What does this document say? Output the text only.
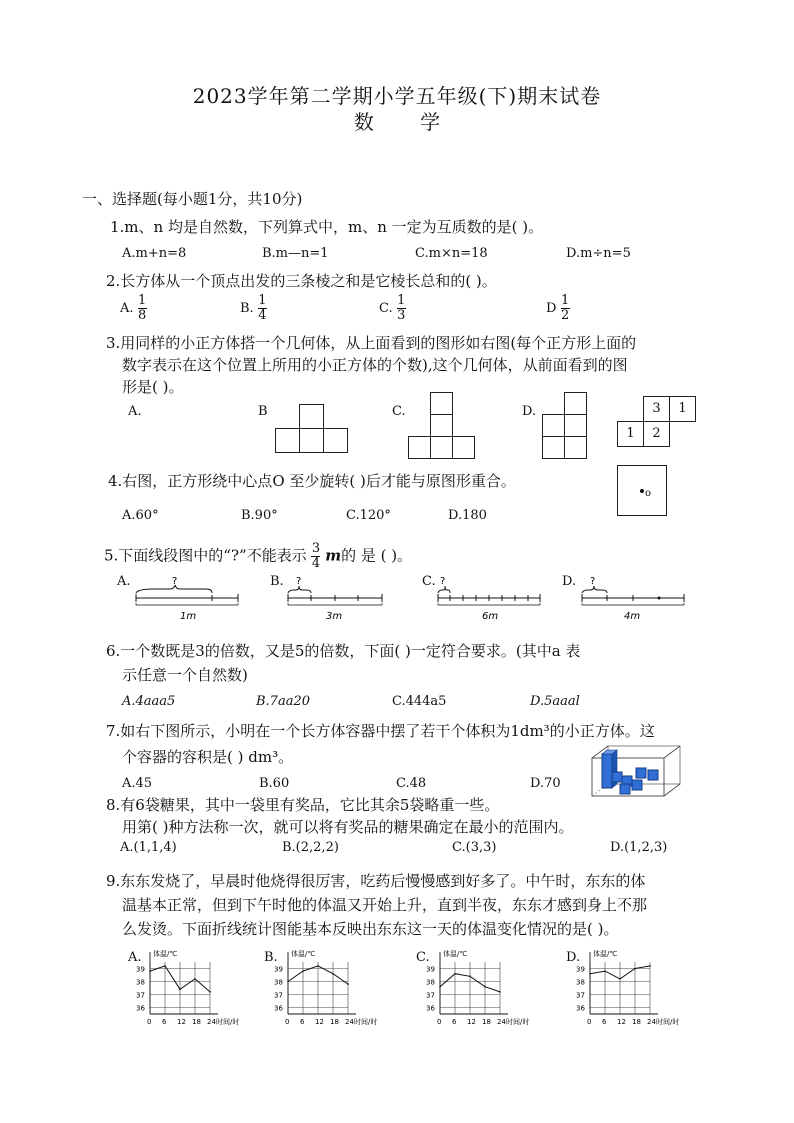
2023学年第二学期小学五年级(下)期末试卷
数 学
一、选择题(每小题1分，共10分)
1.m、n 均是自然数，下列算式中，m、n 一定为互质数的是( )。
A.m+n=8	B.m—n=1	C.m×n=18	D.m÷n=5
2.长方体从一个顶点出发的三条棱之和是它棱长总和的( )。
A. $\frac{1}{8}$	B. $\frac{1}{4}$	C. $\frac{1}{3}$	D $\frac{1}{2}$
3.用同样的小正方体搭一个几何体，从上面看到的图形如右图(每个正方形上面的
数字表示在这个位置上所用的小正方体的个数),这个几何体，从前面看到的图
形是( )。
A.	B	C.	D.	3	1
1	2
4.右图，正方形绕中心点O 至少旋转( )后才能与原图形重合。
o
A.60°	B.90°	C.120°	D.180
5.下面线段图中的“?”不能表示 $\frac{3}{4}$ m的 是 ( )。
A.	B.	C.	D.
?
1m
?
3m
?
6m
?
4m
6.一个数既是3的倍数，又是5的倍数，下面( )一定符合要求。(其中a 表
示任意一个自然数)
A.4aaa5	B.7aa20	C.444a5	D.5aaal
7.如右下图所示，小明在一个长方体容器中摆了若干个体积为1dm³的小正方体。这
个容器的容积是( ) dm³。
A.45	B.60	C.48	D.70
8.有6袋糖果，其中一袋里有奖品，它比其余5袋略重一些。
用第( )种方法称一次，就可以将有奖品的糖果确定在最小的范围内。
A.(1,1,4)	B.(2,2,2)	C.(3,3)	D.(1,2,3)
9.东东发烧了，早晨时他烧得很厉害，吃药后慢慢感到好多了。中午时，东东的体
温基本正常，但到下午时他的体温又开始上升，直到半夜，东东才感到身上不那
么发烫。下面折线统计图能基本反映出东东这一天的体温变化情况的是( )。
A.	B.	C.	D.
体温/℃
时间/时
39
38
37
36
0 6 12 18 24
体温/℃
时间/时
39
38
37
36
0 6 12 18 24
体温/℃
时间/时
39
38
37
36
0 6 12 18 24
体温/℃
时间/时
39
38
37
36
0 6 12 18 24
